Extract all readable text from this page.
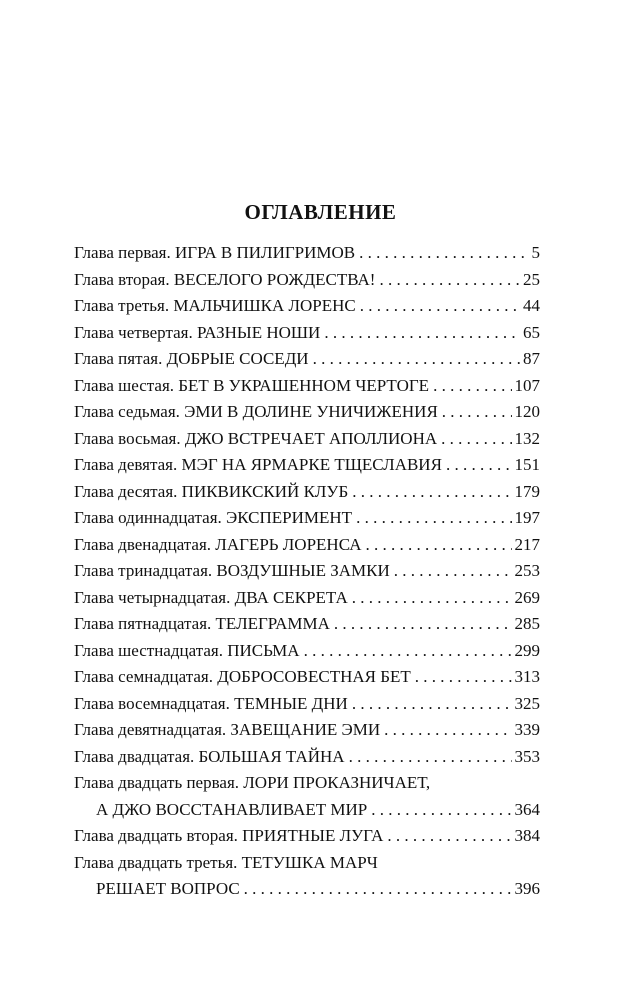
ОГЛАВЛЕНИЕ
Глава первая. ИГРА В ПИЛИГРИМОВ . . .	5
Глава вторая. ВЕСЕЛОГО РОЖДЕСТВА! . . .	25
Глава третья. МАЛЬЧИШКА ЛОРЕНС . . .	44
Глава четвертая. РАЗНЫЕ НОШИ . . .	65
Глава пятая. ДОБРЫЕ СОСЕДИ . . .	87
Глава шестая. БЕТ В УКРАШЕННОМ ЧЕРТОГЕ . . .	107
Глава седьмая. ЭМИ В ДОЛИНЕ УНИЧИЖЕНИЯ . . .	120
Глава восьмая. ДЖО ВСТРЕЧАЕТ АПОЛЛИОНА . . .	132
Глава девятая. МЭГ НА ЯРМАРКЕ ТЩЕСЛАВИЯ . . .	151
Глава десятая. ПИКВИКСКИЙ КЛУБ . . .	179
Глава одиннадцатая. ЭКСПЕРИМЕНТ . . .	197
Глава двенадцатая. ЛАГЕРЬ ЛОРЕНСА . . .	217
Глава тринадцатая. ВОЗДУШНЫЕ ЗАМКИ . . .	253
Глава четырнадцатая. ДВА СЕКРЕТА . . .	269
Глава пятнадцатая. ТЕЛЕГРАММА . . .	285
Глава шестнадцатая. ПИСЬМА . . .	299
Глава семнадцатая. ДОБРОСОВЕСТНАЯ БЕТ . . .	313
Глава восемнадцатая. ТЕМНЫЕ ДНИ . . .	325
Глава девятнадцатая. ЗАВЕЩАНИЕ ЭМИ . . .	339
Глава двадцатая. БОЛЬШАЯ ТАЙНА . . .	353
Глава двадцать первая. ЛОРИ ПРОКАЗНИЧАЕТ,
А ДЖО ВОССТАНАВЛИВАЕТ МИР . . .	364
Глава двадцать вторая. ПРИЯТНЫЕ ЛУГА . . .	384
Глава двадцать третья. ТЕТУШКА МАРЧ
РЕШАЕТ ВОПРОС . . .	396
